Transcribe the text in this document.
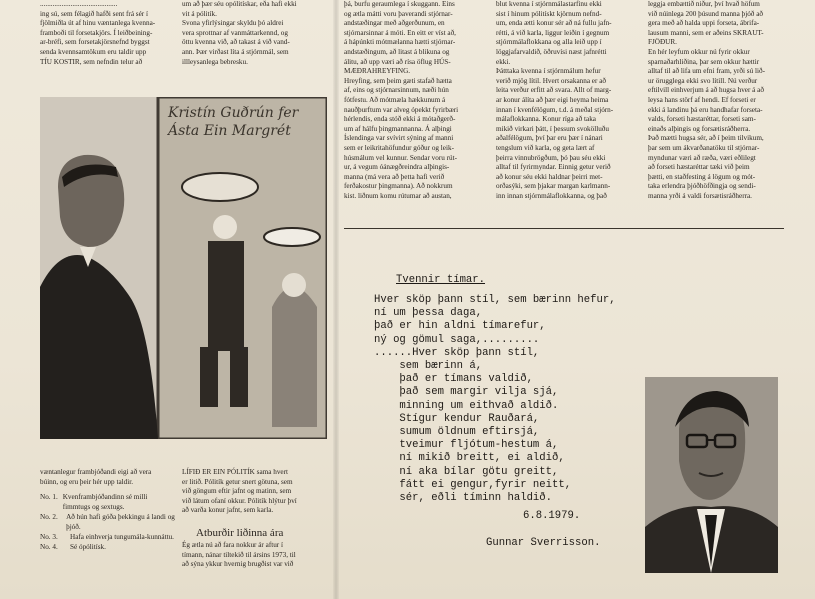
...........................................

ing sú, sem félagið hafði sent frá sér í

fjölmiðla út af hinu væntanlega kvenna-

framboði til forsetakjörs. Í leiðbeining-

ar-bréfi, sem forsetakjörsnefnd byggst

senda kvennsamtökum eru taldir upp

TÍU KOSTIR, sem nefndin telur að

um að þær séu opólitískar, eða hafi ekki

vit á pólitík.

Svona yfirlýsingar skyldu þó aldrei

vera sprottnar af vanmáttarkennd, og

öttu kvenna við, að takast á við vand-

ann. Þær virðast líta á stjórnmál, sem

illleysanlega bebresku.

þá, burfu geraumlega í skuggann. Eins

og ætla mátti voru þaverandi stjórnar-

andstæðingar með aðgerðunum, en

stjórnarsinnar á móti. En eitt er víst að,

á hápúnkti mótmælanna hætti stjórnar-

andstæðingum, að litast á blikuna og

álitu, að upp væri að rísa öflug HÚS-

MÆÐRAHREYFING.

Hreyfing, sem þeim gæti stafað hætta

af, eins og stjórnarsinnum, næði hún

fótfestu. Að mótmæla hækkunum á

nauðþurftum var alveg ópekkt fyrirbæri

hérlendis, enda stóð ekki á mótaðgerð-

um af hálfu þingmannanna. Á alþingi

Íslendinga var svívirt sýning af manni

sem er leikritahöfundur góður og leik-

húsmálum vel kunnur. Sendar voru rút-

ur, á vegum óánægðreindra alþingis-

manna (má vera að þetta hafi verið

ferðakostur þingmanna). Að nokkrum

kist. liðnum komu rútumar að austan,

blut kvenna í stjórnmálastarfinu ekki

sist í hinum pólitískt kjörnum nefnd-

um, enda ætti konur sér að ná fullu jafn-

rétti, á við karla, liggur leiðin í gegnum

stjórnmálaflokkana og alla leið upp í

löggjafarvaldið, öðruvísi næst jafnrétti

ekki.

Þátttaka kvenna í stjórnmálum hefur

verið mjög lítil. Hvert orsakanna er að

leita verður erfitt að svara. Allt of marg-

ar konur álíta að þær eigi heyma heima

innan í kvenfélögum, t.d. á meðal stjórn-

málaflokkanna. Konur ríga að taka

mikið virkari þátt, í þessum svokölluðu

aðalfélögum, því þar eru þær í nánari

tengslum við karla, og geta lært af

þeirra vinnubrögðum, þó þau séu ekki

alltaf til fyrirmyndar. Einnig getur verið

að konur séu ekki haldnar þeirri met-

orðasýki, sem þjakar margan karlmann-

inn innan stjórnmálaflokkanna, og það

leggja embættið niður, því hvað höfum

við núinlega 200 þúsund manna þjóð að

gera með að halda uppi forseta, ábrifa-

lausum manni, sem er aðeins SKRAUT-

FJÖÐUR.

En hér leyfum okkur nú fyrir okkur

sparnaðarhliðina, þar sem okkur hættir

alltaf til að lifa um efni fram, yrði sú lið-

ur örugglega ekki svo lítill. Nú verður

eftilvill einhverjum á að hugsa hver á að

leysa hans störf af hendi. Ef forseti er

ekki á landinu þá eru handhafar forseta-

valds, forseti hæstaréttar, forseti sam-

einaðs alþingis og forsætisráðherra.

Það mætti hugsa sér, að í þeim tilvikum,

þar sem um ákvarðanatöku til stjórnar-

myndunar væri að ræða, væri eðlilegt

að forseti hæstaréttar tæki við þeim

þætti, en staðfesting á lögum og mót-

taka erlendra þjóðhöfðingja og sendi-

manna yrði á valdi forsætisráðherra.

Kristín Guðrún fer
Ásta Ein Margrét

væntanlegur frambjóðandi eigi að vera

búinn, og eru þeir hér upp taldir.

No. 1. Kvenframbjóðandinn sé milli fimmtugs og sextugs.
No. 2.	Að hún hafi góða þekkingu á landi og þjóð.
No. 3.	Hafa einhverja tungumála-kunnáttu.
No. 4.	Sé ópólitísk.

LÍFIÐ ER EIN PÓLITÍK sama hvert

er litið. Pólitík getur snert götuna, sem

við göngum eftir jafnt og matinn, sem

við látum ofaní okkur. Pólitík hlýtur því

að varða konur jafnt, sem karla.

Atburðir liðinna ára

Ég ætla nú að fara nokkur ár aftur í

tímann, nánar tiltekið til ársins 1973, til

að sýna ykkur hvernig brugðist var við

Tvennir tímar.
Hver sköp þann stíl, sem bærinn hefur,
ní um þessa daga,
það er hin aldni tímarefur,
ný og gömul saga,.........
......Hver sköp þann stíl,
sem bærinn á,
það er tímans valdið,
það sem margir vilja sjá,
minning um eithvað aldið.
Stígur kendur Rauðará,
sumum öldnum eftirsjá,
tveimur fljótum-hestum á,
ní mikið breitt, ei aldið,
ní aka bílar götu greitt,
fátt ei gengur,fyrir neitt,
sér, eðli tíminn haldið.
6.8.1979.
Gunnar Sverrisson.
